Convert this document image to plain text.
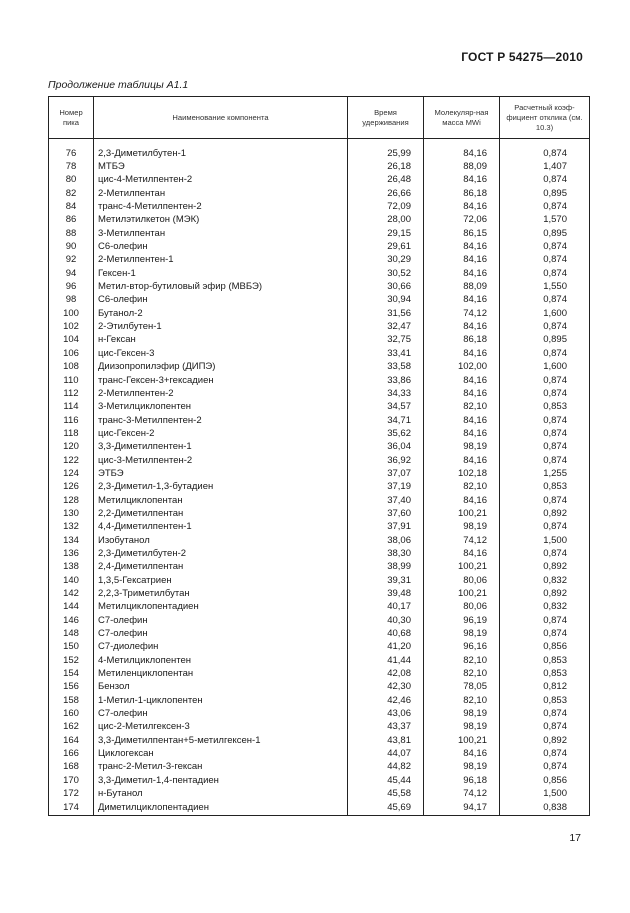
ГОСТ Р 54275—2010
Продолжение таблицы А1.1
Номер пика	Наименование компонента	Время удерживания	Молекуляр-ная масса MWi	Расчетный коэф-фициент отклика (см. 10.3)

76	2,3-Диметилбутен-1	25,99	84,16	0,874
78	МТБЭ	26,18	88,09	1,407
80	цис-4-Метилпентен-2	26,48	84,16	0,874
82	2-Метилпентан	26,66	86,18	0,895
84	транс-4-Метилпентен-2	72,09	84,16	0,874
86	Метилэтилкетон (МЭК)	28,00	72,06	1,570
88	3-Метилпентан	29,15	86,15	0,895
90	C6-олефин	29,61	84,16	0,874
92	2-Метилпентен-1	30,29	84,16	0,874
94	Гексен-1	30,52	84,16	0,874
96	Метил-втор-бутиловый эфир (МВБЭ)	30,66	88,09	1,550
98	C6-олефин	30,94	84,16	0,874
100	Бутанол-2	31,56	74,12	1,600
102	2-Этилбутен-1	32,47	84,16	0,874
104	н-Гексан	32,75	86,18	0,895
106	цис-Гексен-3	33,41	84,16	0,874
108	Диизопропилэфир (ДИПЭ)	33,58	102,00	1,600
110	транс-Гексен-3+гексадиен	33,86	84,16	0,874
112	2-Метилпентен-2	34,33	84,16	0,874
114	3-Метилциклопентен	34,57	82,10	0,853
116	транс-3-Метилпентен-2	34,71	84,16	0,874
118	цис-Гексен-2	35,62	84,16	0,874
120	3,3-Диметилпентен-1	36,04	98,19	0,874
122	цис-3-Метилпентен-2	36,92	84,16	0,874
124	ЭТБЭ	37,07	102,18	1,255
126	2,3-Диметил-1,3-бутадиен	37,19	82,10	0,853
128	Метилциклопентан	37,40	84,16	0,874
130	2,2-Диметилпентан	37,60	100,21	0,892
132	4,4-Диметилпентен-1	37,91	98,19	0,874
134	Изобутанол	38,06	74,12	1,500
136	2,3-Диметилбутен-2	38,30	84,16	0,874
138	2,4-Диметилпентан	38,99	100,21	0,892
140	1,3,5-Гексатриен	39,31	80,06	0,832
142	2,2,3-Триметилбутан	39,48	100,21	0,892
144	Метилциклопентадиен	40,17	80,06	0,832
146	C7-олефин	40,30	96,19	0,874
148	C7-олефин	40,68	98,19	0,874
150	C7-диолефин	41,20	96,16	0,856
152	4-Метилциклопентен	41,44	82,10	0,853
154	Метиленциклопентан	42,08	82,10	0,853
156	Бензол	42,30	78,05	0,812
158	1-Метил-1-циклопентен	42,46	82,10	0,853
160	C7-олефин	43,06	98,19	0,874
162	цис-2-Метилгексен-3	43,37	98,19	0,874
164	3,3-Диметилпентан+5-метилгексен-1	43,81	100,21	0,892
166	Циклогексан	44,07	84,16	0,874
168	транс-2-Метил-3-гексан	44,82	98,19	0,874
170	3,3-Диметил-1,4-пентадиен	45,44	96,18	0,856
172	н-Бутанол	45,58	74,12	1,500
174	Диметилциклопентадиен	45,69	94,17	0,838
17
